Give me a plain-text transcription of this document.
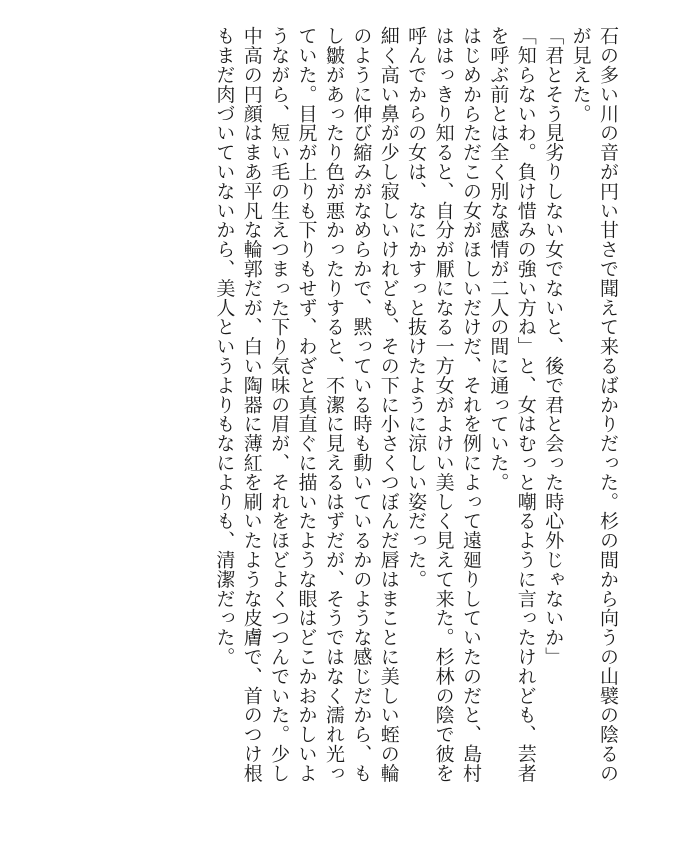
石の多い川の音が円い甘さで聞えて来るばかりだった。杉の間から向うの山襞の陰るのが見えた。

「君とそう見劣りしない女でないと、後で君と会った時心外じゃないか」

「知らないわ。負け惜みの強い方ね」と、女はむっと嘲るように言ったけれども、芸者を呼ぶ前とは全く別な感情が二人の間に通っていた。

はじめからただこの女がほしいだけだ、それを例によって遠廻りしていたのだと、島村ははっきり知ると、自分が厭になる一方女がよけい美しく見えて来た。杉林の陰で彼を呼んでからの女は、なにかすっと抜けたように涼しい姿だった。

細く高い鼻が少し寂しいけれども、その下に小さくつぼんだ唇はまことに美しい蛭の輪のように伸び縮みがなめらかで、黙っている時も動いているかのような感じだから、もし皺があったり色が悪かったりすると、不潔に見えるはずだが、そうではなく濡れ光っていた。目尻が上りも下りもせず、わざと真直ぐに描いたような眼はどこかおかしいようながら、短い毛の生えつまった下り気味の眉が、それをほどよくつつんでいた。少し中高の円顔はまあ平凡な輪郭だが、白い陶器に薄紅を刷いたような皮膚で、首のつけ根もまだ肉づいていないから、美人というよりもなによりも、清潔だった。
